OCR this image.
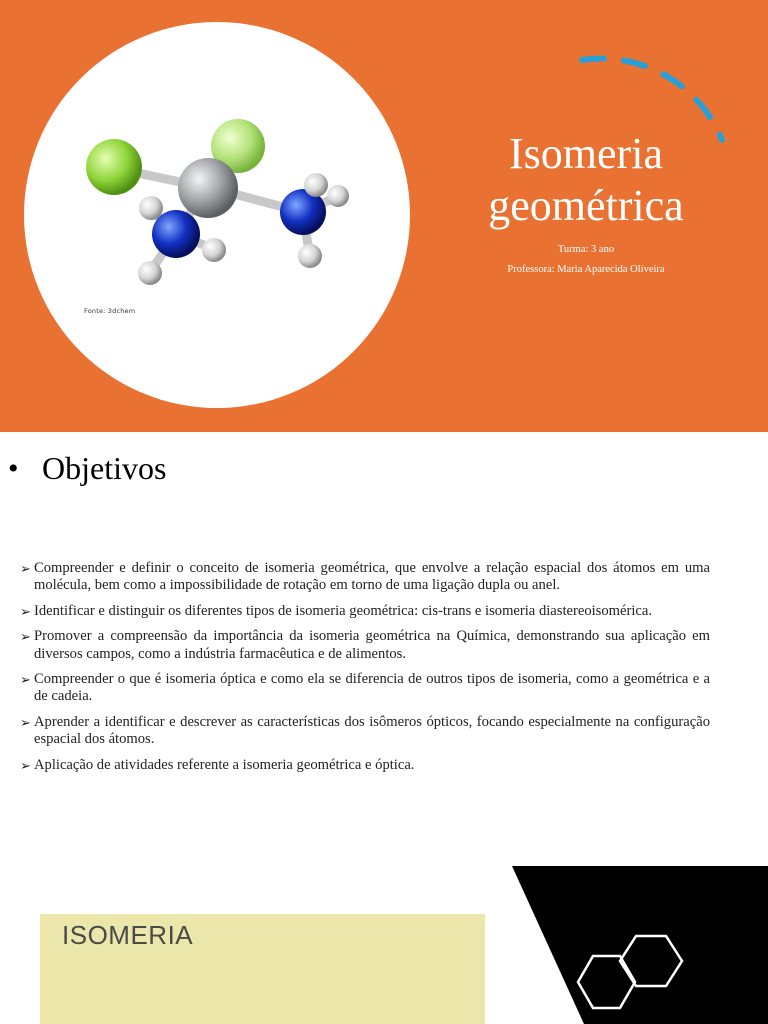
Fonte: 3dchem
Isomeria
geométrica
Turma: 3 ano
Professora: Maria Aparecida Oliveira
• Objetivos
➢ Compreender e definir o conceito de isomeria geométrica, que envolve a relação espacial dos átomos em uma molécula, bem como a impossibilidade de rotação em torno de uma ligação dupla ou anel.
➢ Identificar e distinguir os diferentes tipos de isomeria geométrica: cis-trans e isomeria diastereoisomérica.
➢ Promover a compreensão da importância da isomeria geométrica na Química, demonstrando sua aplicação em diversos campos, como a indústria farmacêutica e de alimentos.
➢ Compreender o que é isomeria óptica e como ela se diferencia de outros tipos de isomeria, como a geométrica e a de cadeia.
➢ Aprender a identificar e descrever as características dos isômeros ópticos, focando especialmente na configuração espacial dos átomos.
➢ Aplicação de atividades referente a isomeria geométrica e óptica.
ISOMERIA
